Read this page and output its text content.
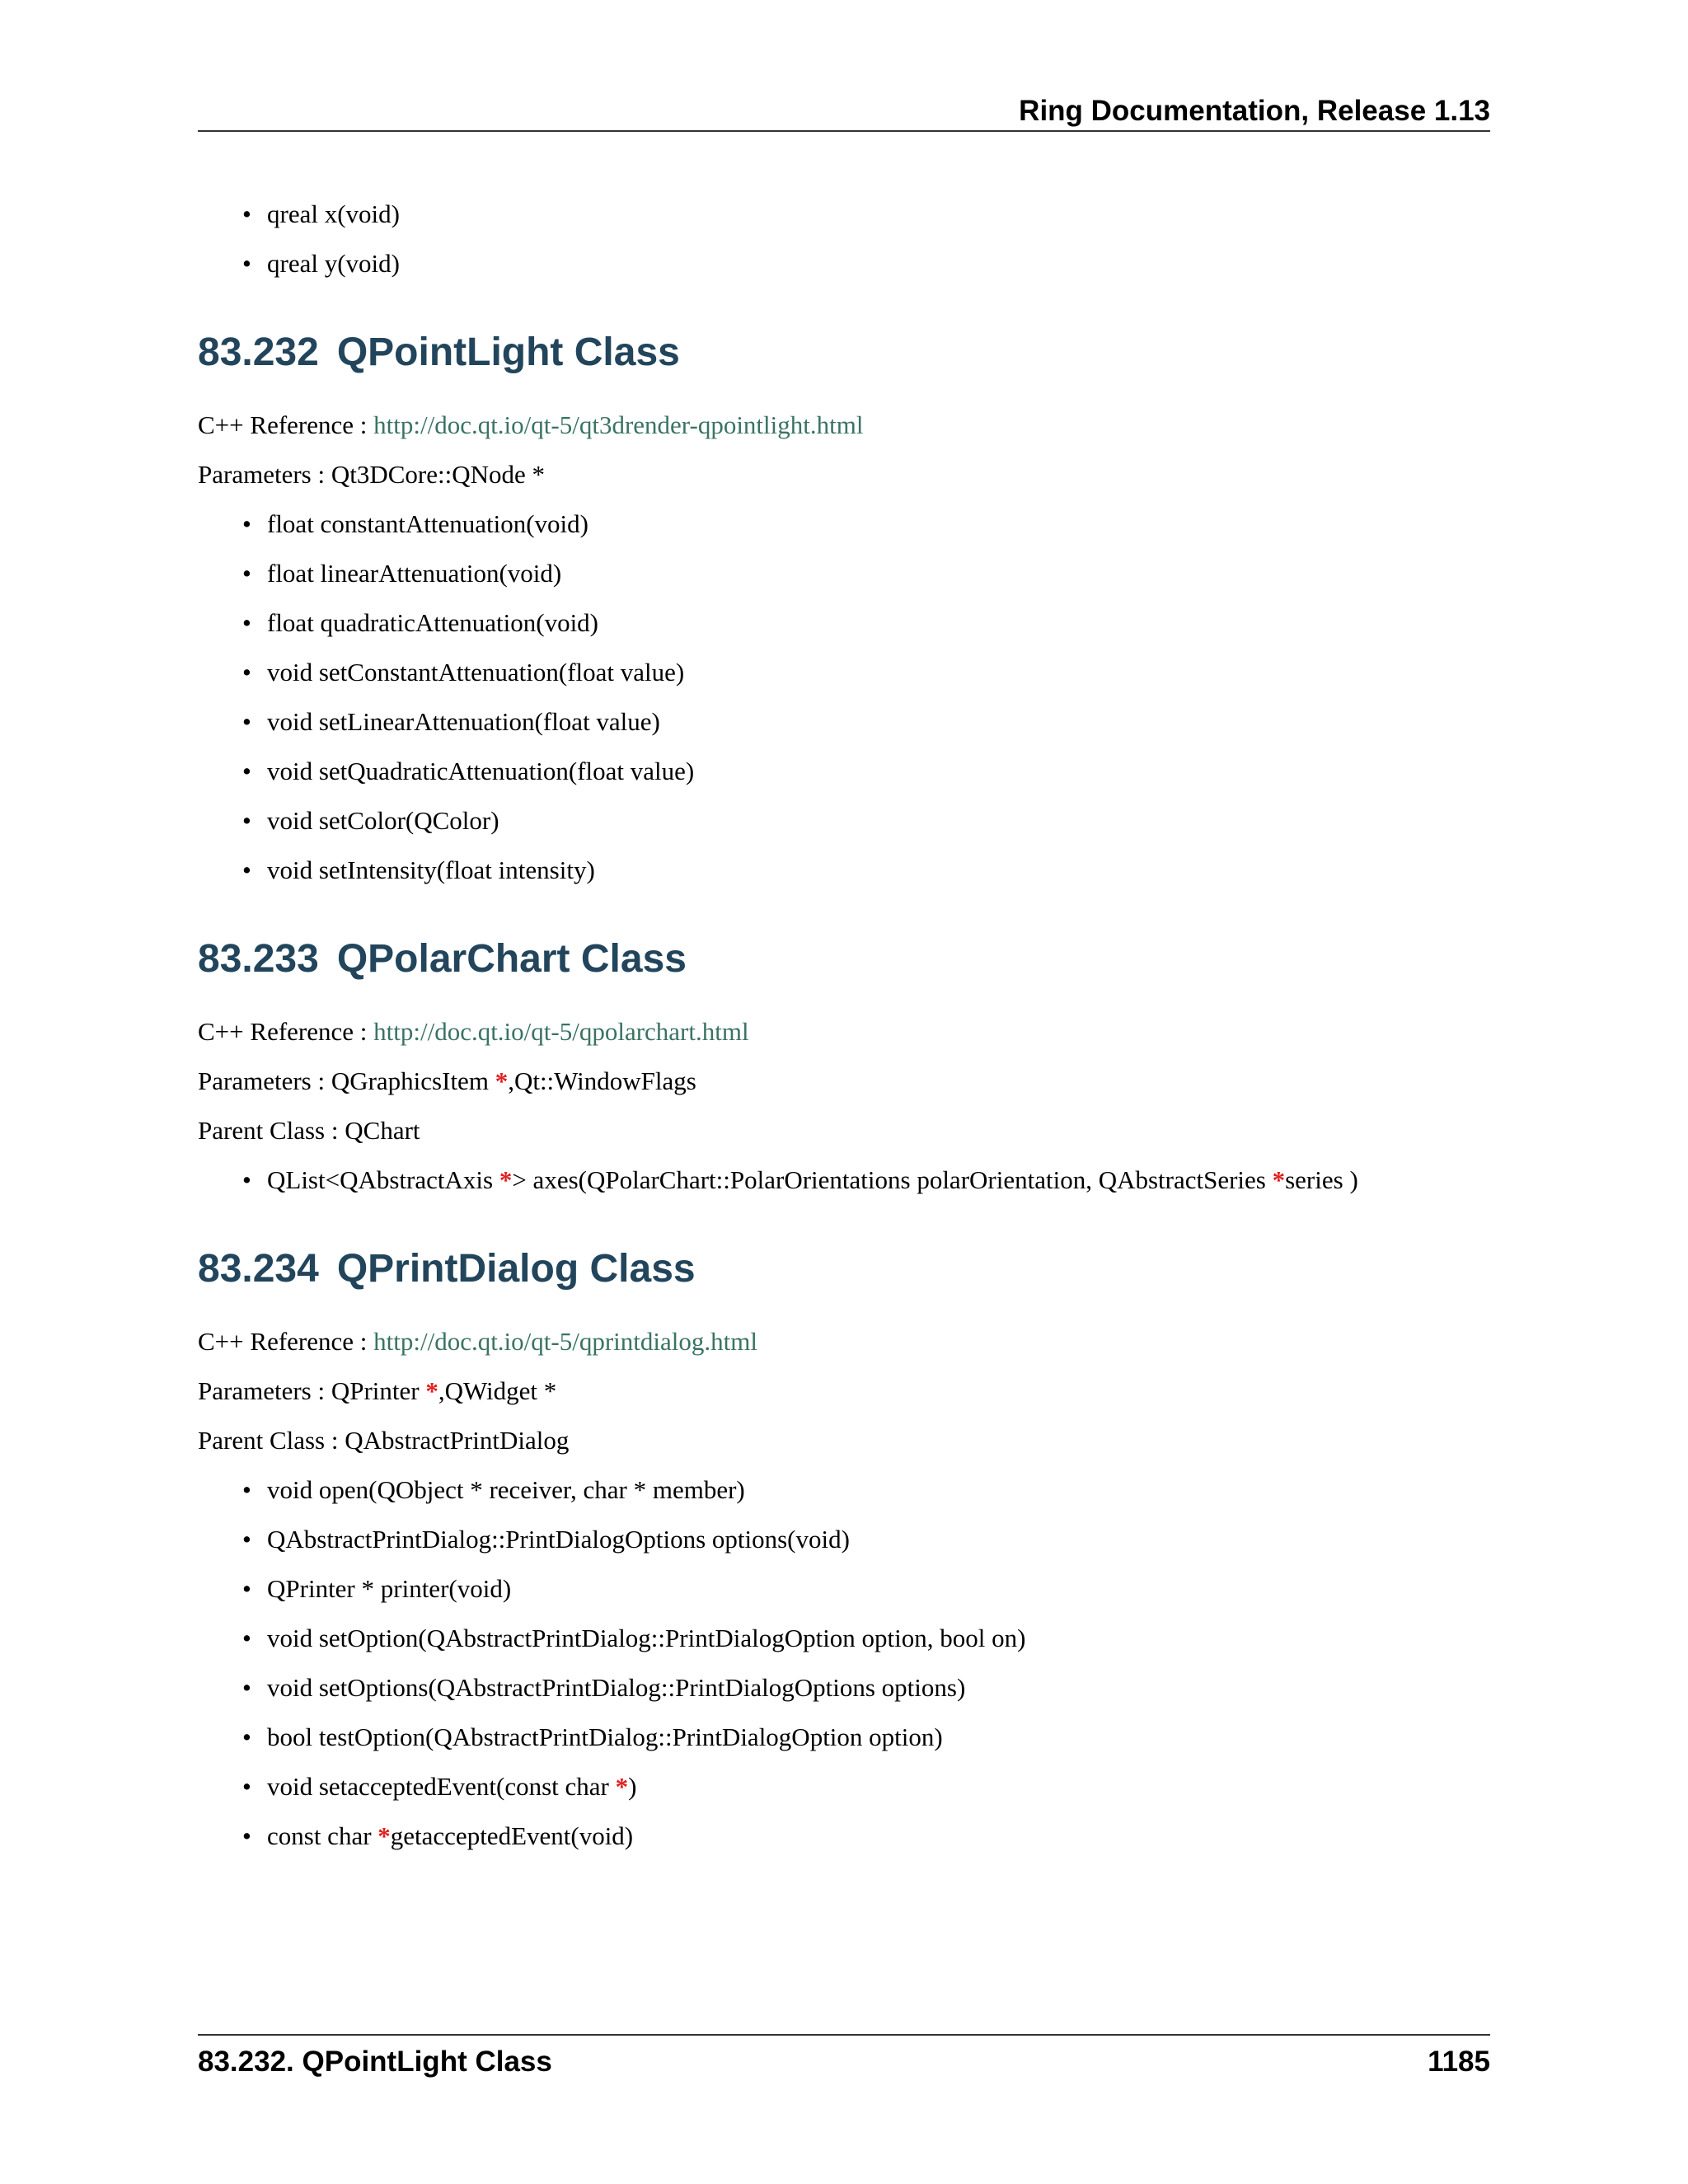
Ring Documentation, Release 1.13
• qreal x(void)
• qreal y(void)
83.232 QPointLight Class

C++ Reference : http://doc.qt.io/qt-5/qt3drender-qpointlight.html

Parameters : Qt3DCore::QNode *

• float constantAttenuation(void)
• float linearAttenuation(void)
• float quadraticAttenuation(void)
• void setConstantAttenuation(float value)
• void setLinearAttenuation(float value)
• void setQuadraticAttenuation(float value)
• void setColor(QColor)
• void setIntensity(float intensity)
83.233 QPolarChart Class

C++ Reference : http://doc.qt.io/qt-5/qpolarchart.html

Parameters : QGraphicsItem *,Qt::WindowFlags

Parent Class : QChart

• QList<QAbstractAxis *> axes(QPolarChart::PolarOrientations polarOrientation, QAbstractSeries *series )
83.234 QPrintDialog Class

C++ Reference : http://doc.qt.io/qt-5/qprintdialog.html

Parameters : QPrinter *,QWidget *

Parent Class : QAbstractPrintDialog

• void open(QObject * receiver, char * member)
• QAbstractPrintDialog::PrintDialogOptions options(void)
• QPrinter * printer(void)
• void setOption(QAbstractPrintDialog::PrintDialogOption option, bool on)
• void setOptions(QAbstractPrintDialog::PrintDialogOptions options)
• bool testOption(QAbstractPrintDialog::PrintDialogOption option)
• void setacceptedEvent(const char *)
• const char *getacceptedEvent(void)
83.232. QPointLight Class	1185
